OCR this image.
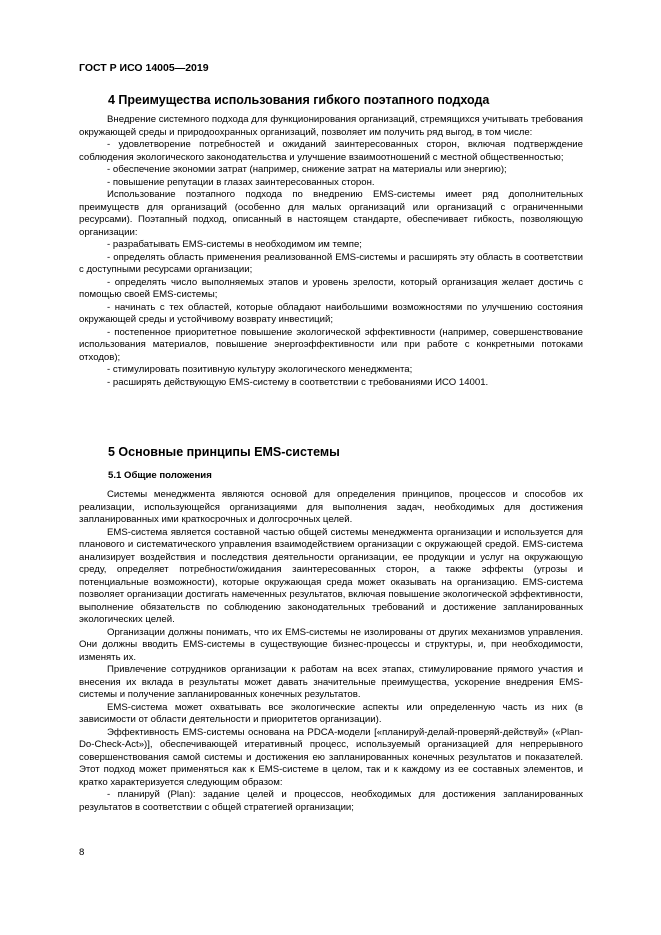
ГОСТ Р ИСО 14005—2019
4 Преимущества использования гибкого поэтапного подхода

Внедрение системного подхода для функционирования организаций, стремящихся учитывать требования окружающей среды и природоохранных организаций, позволяет им получить ряд выгод, в том числе:

- удовлетворение потребностей и ожиданий заинтересованных сторон, включая подтверждение соблюдения экологического законодательства и улучшение взаимоотношений с местной общественностью;

- обеспечение экономии затрат (например, снижение затрат на материалы или энергию);

- повышение репутации в глазах заинтересованных сторон.

Использование поэтапного подхода по внедрению EMS-системы имеет ряд дополнительных преимуществ для организаций (особенно для малых организаций или организаций с ограниченными ресурсами). Поэтапный подход, описанный в настоящем стандарте, обеспечивает гибкость, позволяющую организации:

- разрабатывать EMS-системы в необходимом им темпе;

- определять область применения реализованной EMS-системы и расширять эту область в соответствии с доступными ресурсами организации;

- определять число выполняемых этапов и уровень зрелости, который организация желает достичь с помощью своей EMS-системы;

- начинать с тех областей, которые обладают наибольшими возможностями по улучшению состояния окружающей среды и устойчивому возврату инвестиций;

- постепенное приоритетное повышение экологической эффективности (например, совершенствование использования материалов, повышение энергоэффективности или при работе с конкретными потоками отходов);

- стимулировать позитивную культуру экологического менеджмента;

- расширять действующую EMS-систему в соответствии с требованиями ИСО 14001.

5 Основные принципы EMS-системы
5.1 Общие положения

Системы менеджмента являются основой для определения принципов, процессов и способов их реализации, использующейся организациями для выполнения задач, необходимых для достижения запланированных ими краткосрочных и долгосрочных целей.

EMS-система является составной частью общей системы менеджмента организации и используется для планового и систематического управления взаимодействием организации с окружающей средой. EMS-система анализирует воздействия и последствия деятельности организации, ее продукции и услуг на окружающую среду, определяет потребности/ожидания заинтересованных сторон, а также эффекты (угрозы и потенциальные возможности), которые окружающая среда может оказывать на организацию. EMS-система позволяет организации достигать намеченных результатов, включая повышение экологической эффективности, выполнение обязательств по соблюдению законодательных требований и достижение запланированных экологических целей.

Организации должны понимать, что их EMS-системы не изолированы от других механизмов управления. Они должны вводить EMS-системы в существующие бизнес-процессы и структуры, и, при необходимости, изменять их.

Привлечение сотрудников организации к работам на всех этапах, стимулирование прямого участия и внесения их вклада в результаты может давать значительные преимущества, ускорение внедрения EMS-системы и получение запланированных конечных результатов.

EMS-система может охватывать все экологические аспекты или определенную часть из них (в зависимости от области деятельности и приоритетов организации).

Эффективность EMS-системы основана на PDCA-модели [«планируй-делай-проверяй-действуй» («Plan-Do-Check-Act»)], обеспечивающей итеративный процесс, используемый организацией для непрерывного совершенствования самой системы и достижения ею запланированных конечных результатов и показателей. Этот подход может применяться как к EMS-системе в целом, так и к каждому из ее составных элементов, и кратко характеризуется следующим образом:

- планируй (Plan): задание целей и процессов, необходимых для достижения запланированных результатов в соответствии с общей стратегией организации;

8
